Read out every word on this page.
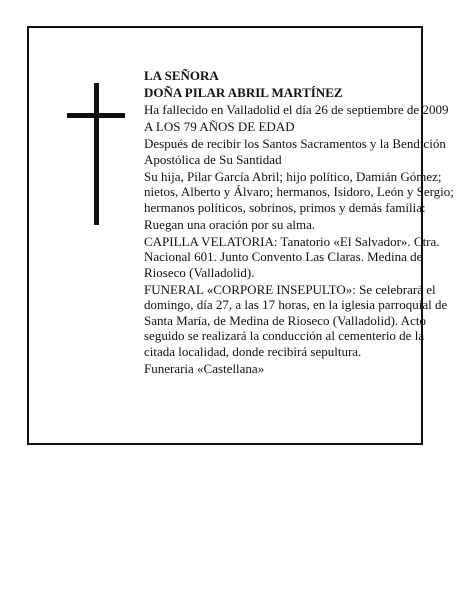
LA SEÑORA

DOÑA PILAR ABRIL MARTÍNEZ

Ha fallecido en Valladolid el día 26 de septiembre de 2009

A LOS 79 AÑOS DE EDAD

Después de recibir los Santos Sacramentos y la Bendición Apostólica de Su Santidad

Su hija, Pilar García Abril; hijo político, Damián Gómez; nietos, Alberto y Álvaro; hermanos, Isidoro, León y Sergio; hermanos políticos, sobrinos, primos y demás familia:

Ruegan una oración por su alma.

CAPILLA VELATORIA: Tanatorio «El Salvador». Ctra. Nacional 601. Junto Convento Las Claras. Medina de Rioseco (Valladolid).

FUNERAL «CORPORE INSEPULTO»: Se celebrará el domingo, día 27, a las 17 horas, en la iglesia parroquial de Santa María, de Medina de Rioseco (Valladolid). Acto seguido se realizará la conducción al cementerio de la citada localidad, donde recibirá sepultura.

Funeraria «Castellana»
